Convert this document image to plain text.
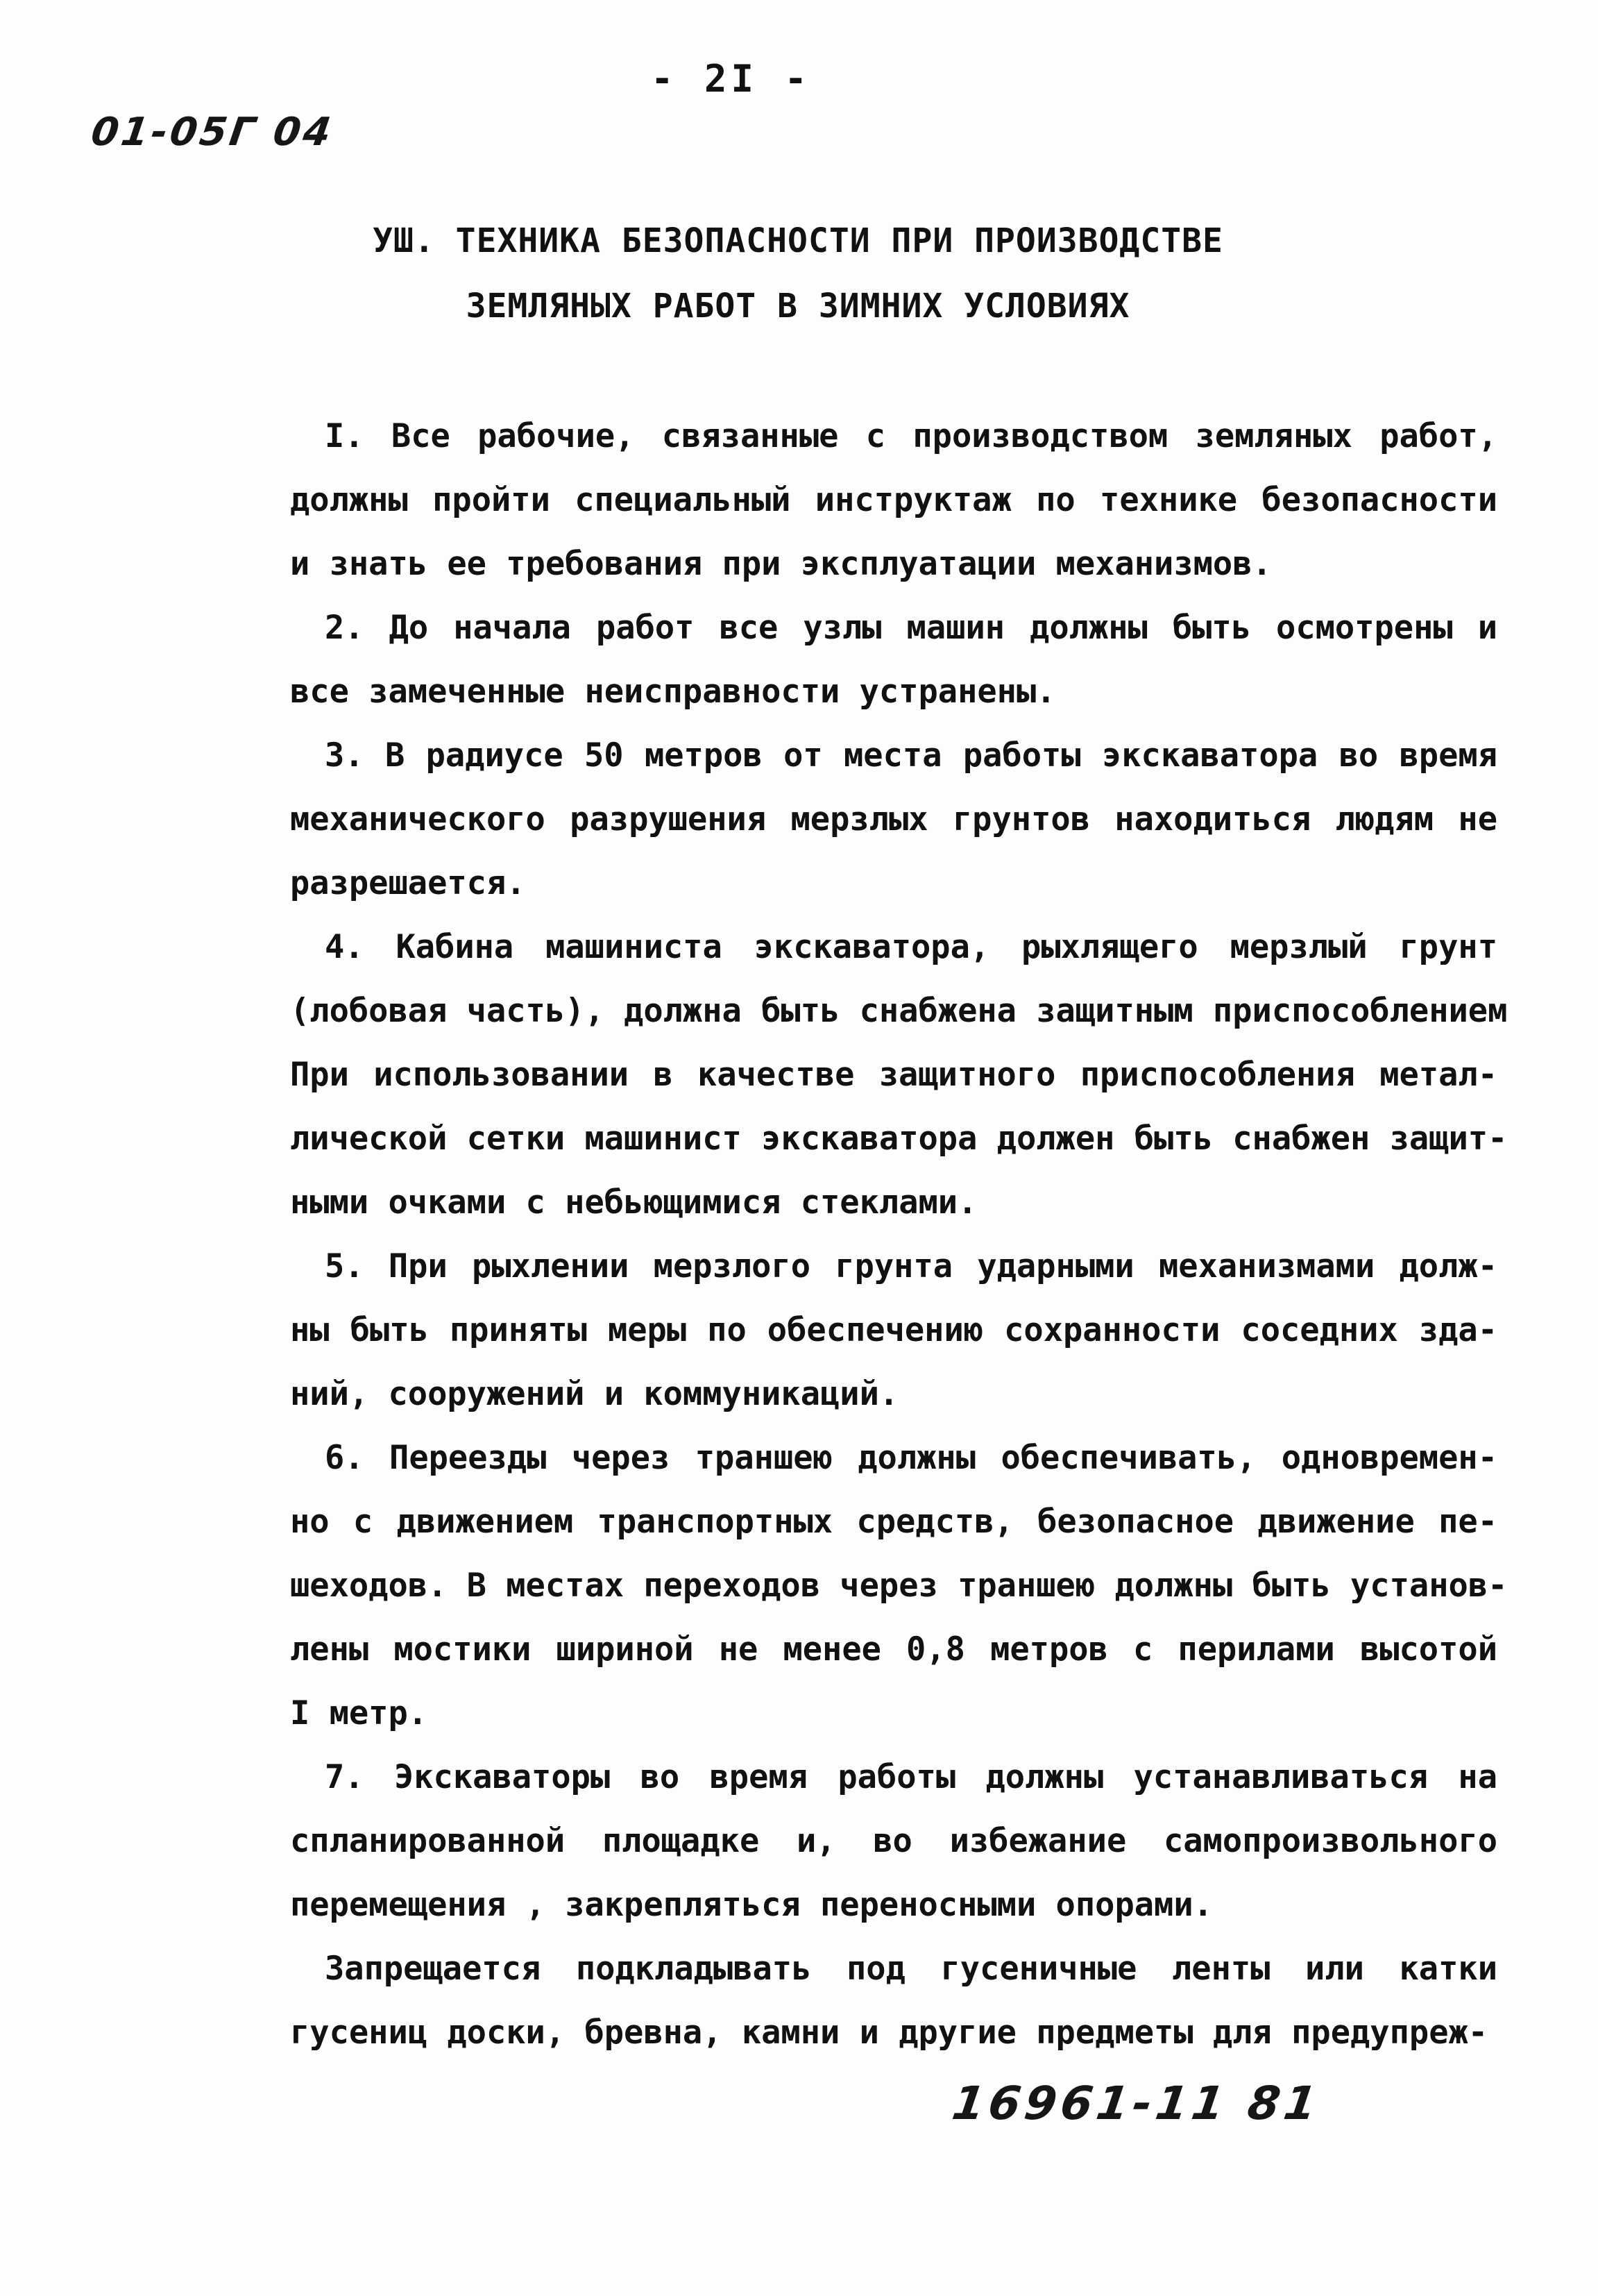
- 2I -
01-05Г 04
УШ. ТЕХНИКА БЕЗОПАСНОСТИ ПРИ ПРОИЗВОДСТВЕ
ЗЕМЛЯНЫХ РАБОТ В ЗИМНИХ УСЛОВИЯХ
I. Все рабочие, связанные с производством земляных работ,
должны пройти специальный инструктаж по технике безопасности
и знать ее требования при эксплуатации механизмов.
2. До начала работ все узлы машин должны быть осмотрены и
все замеченные неисправности устранены.
3. В радиусе 50 метров от места работы экскаватора во время
механического разрушения мерзлых грунтов находиться людям не
разрешается.
4. Кабина машиниста экскаватора, рыхлящего мерзлый грунт
(лобовая часть), должна быть снабжена защитным приспособлением
При использовании в качестве защитного приспособления метал-
лической сетки машинист экскаватора должен быть снабжен защит-
ными очками с небьющимися стеклами.
5. При рыхлении мерзлого грунта ударными механизмами долж-
ны быть приняты меры по обеспечению сохранности соседних зда-
ний, сооружений и коммуникаций.
6. Переезды через траншею должны обеспечивать, одновремен-
но с движением транспортных средств, безопасное движение пе-
шеходов. В местах переходов через траншею должны быть установ-
лены мостики шириной не менее 0,8 метров с перилами высотой
I метр.
7. Экскаваторы во время работы должны устанавливаться на
спланированной площадке и, во избежание самопроизвольного
перемещения , закрепляться переносными опорами.
Запрещается подкладывать под гусеничные ленты или катки
гусениц доски, бревна, камни и другие предметы для предупреж-
16961-11 81
